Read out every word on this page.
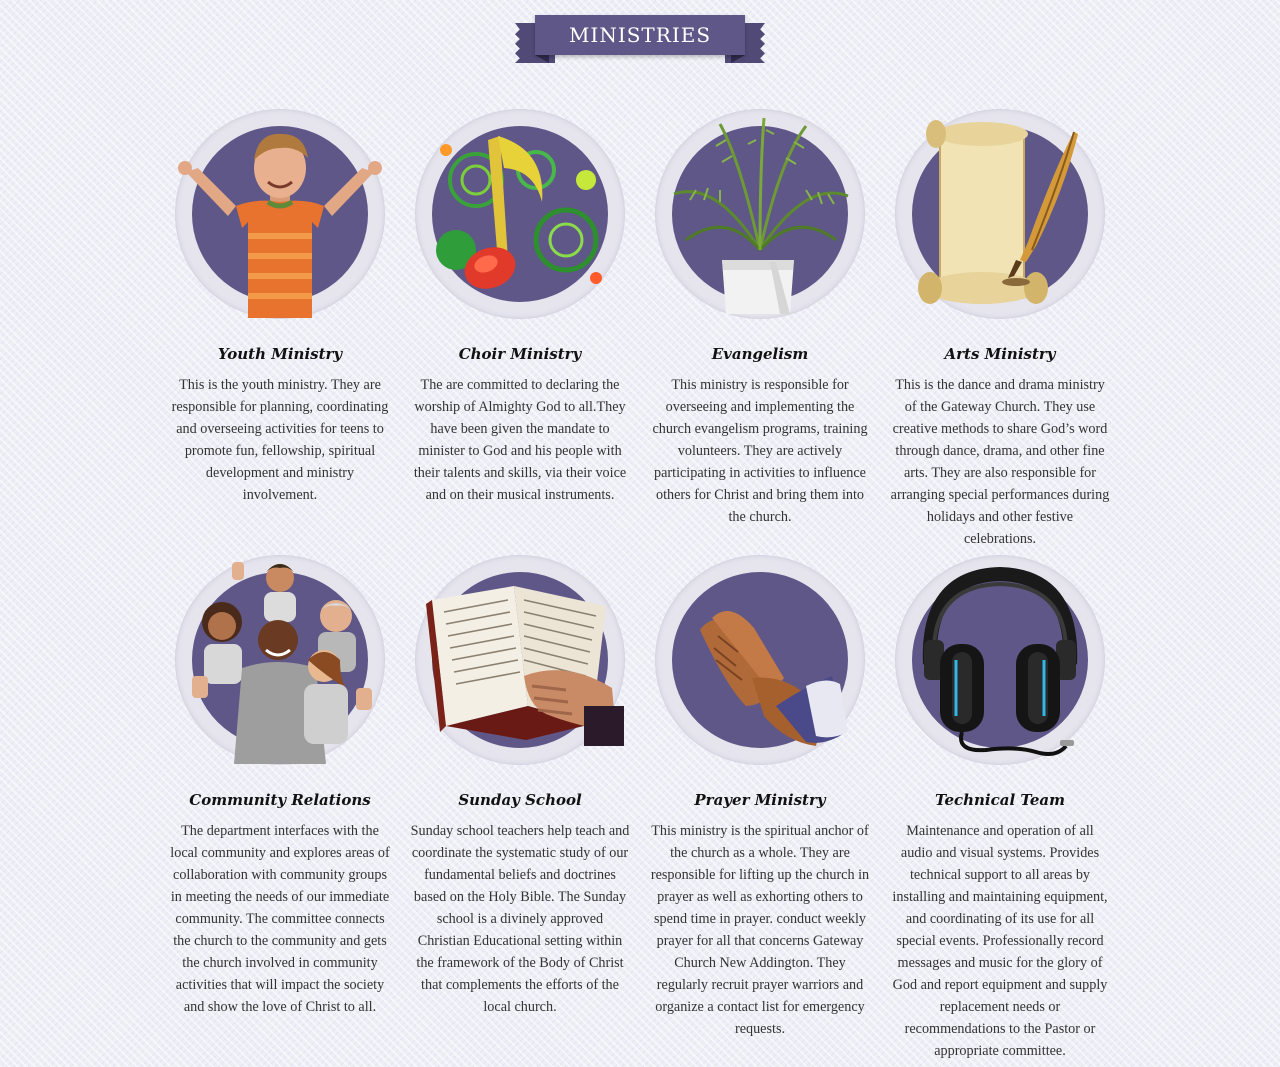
MINISTRIES
Youth Ministry
This is the youth ministry. They are responsible for planning, coordinating and overseeing activities for teens to promote fun, fellowship, spiritual development and ministry involvement.
Choir Ministry
The are committed to declaring the worship of Almighty God to all.They have been given the mandate to minister to God and his people with their talents and skills, via their voice and on their musical instruments.
Evangelism
This ministry is responsible for overseeing and implementing the church evangelism programs, training volunteers. They are actively participating in activities to influence others for Christ and bring them into the church.
Arts Ministry
This is the dance and drama ministry of the Gateway Church. They use creative methods to share God’s word through dance, drama, and other fine arts. They are also responsible for arranging special performances during holidays and other festive celebrations.
Community Relations
The department interfaces with the local community and explores areas of collaboration with community groups in meeting the needs of our immediate community. The committee connects the church to the community and gets the church involved in community activities that will impact the society and show the love of Christ to all.
Sunday School
Sunday school teachers help teach and coordinate the systematic study of our fundamental beliefs and doctrines based on the Holy Bible. The Sunday school is a divinely approved Christian Educational setting within the framework of the Body of Christ that complements the efforts of the local church.
Prayer Ministry
This ministry is the spiritual anchor of the church as a whole. They are responsible for lifting up the church in prayer as well as exhorting others to spend time in prayer. conduct weekly prayer for all that concerns Gateway Church New Addington. They regularly recruit prayer warriors and organize a contact list for emergency requests.
Technical Team
Maintenance and operation of all audio and visual systems. Provides technical support to all areas by installing and maintaining equipment, and coordinating of its use for all special events. Professionally record messages and music for the glory of God and report equipment and supply replacement needs or recommendations to the Pastor or appropriate committee.
